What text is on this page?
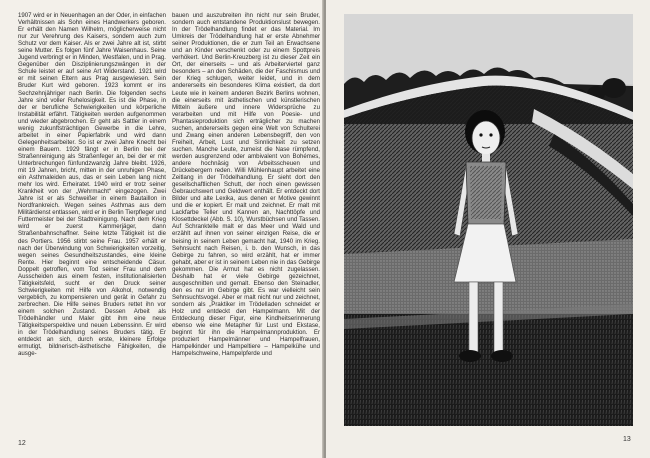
1907 wird er in Neuenhagen an der Oder, in einfachen Verhältnissen als Sohn eines Handwerkers geboren. Er erhält den Namen Wilhelm, möglicherweise nicht nur zur Verehrung des Kaisers, sondern auch zum Schutz vor dem Kaiser. Als er zwei Jahre alt ist, stirbt seine Mutter. Es folgen fünf Jahre Waisenhaus. Seine Jugend verbringt er in Minden, Westfalen, und in Prag. Gegenüber den Disziplinierungszwängen in der Schule leistet er auf seine Art Widerstand. 1921 wird er mit seinen Eltern aus Prag ausgewiesen. Sein Bruder Kurt wird geboren. 1923 kommt er ins Sechzehnjähriger nach Berlin. Die folgenden sechs Jahre sind voller Ruhelosigkeit. Es ist die Phase, in der er berufliche Schwierigkeiten und körperliche Instabilität erfährt. Tätigkeiten werden aufgenommen und wieder abgebrochen. Er geht als Sattler in einem wenig zukunftsträchtigen Gewerbe in die Lehre, arbeitet in einer Papierfabrik und wird dann Gelegenheitsarbeiter. So ist er zwei Jahre Knecht bei einem Bauern. 1929 fängt er in Berlin bei der Straßenreinigung als Straßenfeger an, bei der er mit Unterbrechungen fünfundzwanzig Jahre bleibt. 1926, mit 19 Jahren, bricht, mitten in der unruhigen Phase, ein Asthmaleiden aus, das er sein Leben lang nicht mehr los wird. Erheiratet. 1940 wird er trotz seiner Krankheit von der „Wehrmacht“ eingezogen. Zwei Jahre ist er als Schweißer in einem Bautaillon in Nordfrankreich. Wegen seines Asthmas aus dem Militärdienst entlassen, wird er in Berlin Tierpfleger und Futtermeister bei der Stadtreinigung. Nach dem Krieg wird er zuerst Kammerjäger, dann Straßenbahnschaffner. Seine letzte Tätigkeit ist die des Portiers. 1956 stirbt seine Frau. 1957 erhält er nach der Überwindung von Schwierigkeiten vorzeitig, wegen seines Gesundheitszustandes, eine kleine Rente. Hier beginnt eine entscheidende Cäsur. Doppelt getroffen, vom Tod seiner Frau und dem Ausscheiden aus einem festen, institutionalisierten Tätigkeitsfeld, sucht er den Druck seiner Schwierigkeiten mit Hilfe von Alkohol, notwendig vergeblich, zu kompensieren und gerät in Gefahr zu zerbrechen. Die Hilfe seines Bruders rettet ihn vor einem solchen Zustand. Dessen Arbeit als Trödelhändler und Maler gibt ihm eine neue Tätigkeitsperspektive und neuen Lebenssinn. Er wird in der Trödelhandlung seines Bruders tätig. Er entdeckt an sich, durch erste, kleinere Erfolge ermutigt, bildnerisch-ästhetische Fähigkeiten, die ausge-

bauen und auszubreiten ihn nicht nur sein Bruder, sondern auch entstandene Produktionslust bewegen. In der Trödelhandlung findet er das Material. Im Umkreis der Trödelhandlung hat er erste Abnehmer seiner Produktionen, die er zum Teil an Erwachsene und an Kinder verschenkt oder zu einem Spottpreis verhökert. Und Berlin-Kreuzberg ist zu dieser Zeit ein Ort, der einerseits – und als Arbeiterviertel ganz besonders – an den Schäden, die der Faschismus und der Krieg schlugen, weiter leidet, und in dem andererseits ein besonderes Klima existiert, da dort Leute wie in keinem anderen Bezirk Berlins wohnen, die einerseits mit ästhetischen und künstlerischen Mitteln äußere und innere Widersprüche zu verarbeiten und mit Hilfe von Poesie- und Phantasieproduktion sich erträglicher zu machen suchen, andererseits gegen eine Welt von Schulterei und Zwang einen anderen Lebensbegriff, den von Freiheit, Arbeit, Lust und Sinnlichkeit zu setzen suchen. Manche Leute, zumeist die Nase rümpfend, werden ausgrenzend oder ambivalent von Bohémes, andere hochnäsig von Arbeitsscheuen und Drückebergern reden. Willi Mühlenhaupt arbeitet eine Zeitlang in der Trödelhandlung. Er sieht dort den gesellschaftlichen Schutt, der noch einen gewissen Gebrauchswert und Geldwert enthält. Er entdeckt dort Bilder und alte Lexika, aus denen er Motive gewinnt und die er kopiert. Er malt und zeichnet. Er malt mit Lackfarbe Teller und Kannen an, Nachttöpfe und Klosettdeckel (Abb. S. 10), Wurstbüchsen und Tassen. Auf Schranktelle malt er das Meer und Wald und erzählt auf ihnen von seiner einzigen Reise, die er beising in seinem Leben gemacht hat, 1940 im Krieg. Sehnsucht nach Reisen, i. b. den Wunsch, in das Gebirge zu fahren, so wird erzählt, hat er immer gehabt, aber er ist in seinem Leben nie in das Gebirge gekommen. Die Armut hat es nicht zugelassen. Deshalb hat er viele Gebirge gezeichnet, ausgeschnitten und gemalt. Ebenso den Steinadler, den es nur im Gebirge gibt. Es war vielleicht sein Sehnsuchtsvogel. Aber er malt nicht nur und zeichnet, sondern als „Praktiker im Trödelladen schneidet er Holz und entdeckt den Hampelmann. Mit der Entdeckung dieser Figur, eine Kindheitserinnerung ebenso wie eine Metapher für Lust und Ekstase, beginnt für ihn die Hampelmannproduktion. Er produziert Hampelmänner und Hampelfrauen, Hampelkinder und Hampeltiere – Hampelkühe und Hampelschweine, Hampelpferde und

12
13
